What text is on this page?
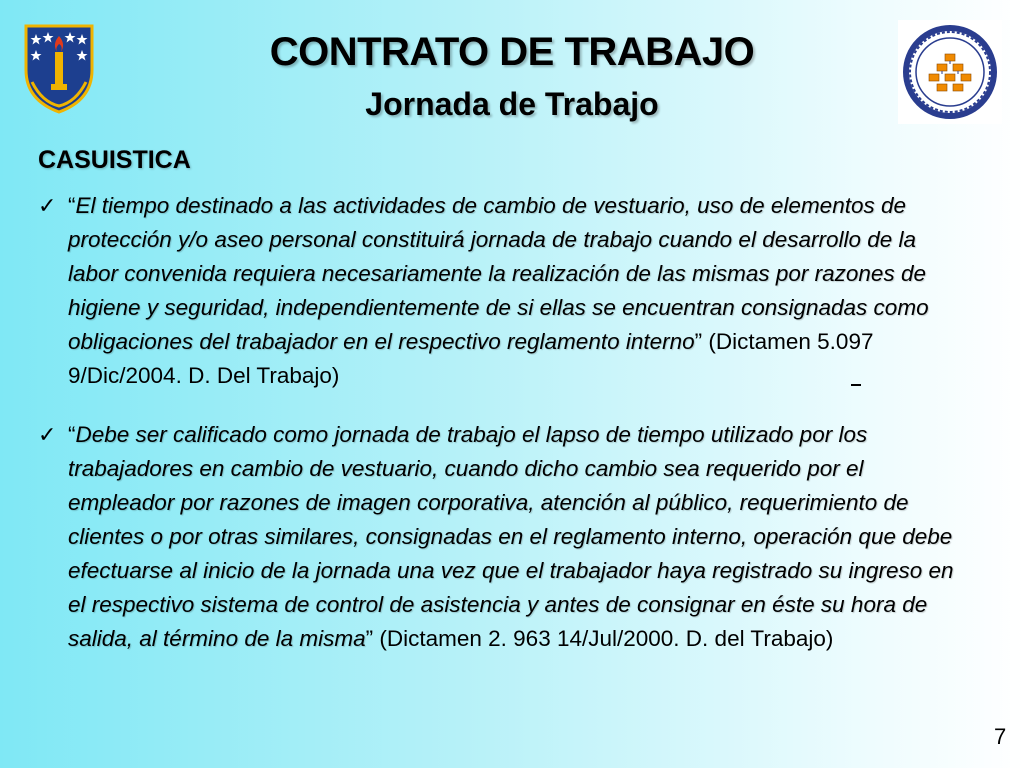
CONTRATO DE TRABAJO
Jornada de Trabajo
CASUISTICA
✓ “El tiempo destinado a las actividades de cambio de vestuario, uso de elementos de protección y/o aseo personal constituirá jornada de trabajo cuando el desarrollo de la labor convenida requiera necesariamente la realización de las mismas por razones de higiene y seguridad, independientemente de si ellas se encuentran consignadas como obligaciones del trabajador en el respectivo reglamento interno” (Dictamen 5.097 9/Dic/2004. D. Del Trabajo)
✓ “Debe ser calificado como jornada de trabajo el lapso de tiempo utilizado por los trabajadores en cambio de vestuario, cuando dicho cambio sea requerido por el empleador por razones de imagen corporativa, atención al público, requerimiento de clientes o por otras similares, consignadas en el reglamento interno, operación que debe efectuarse al inicio de la jornada una vez que el trabajador haya registrado su ingreso en el respectivo sistema de control de asistencia y antes de consignar en éste su hora de salida, al término de la misma” (Dictamen 2. 963 14/Jul/2000. D. del Trabajo)
7
